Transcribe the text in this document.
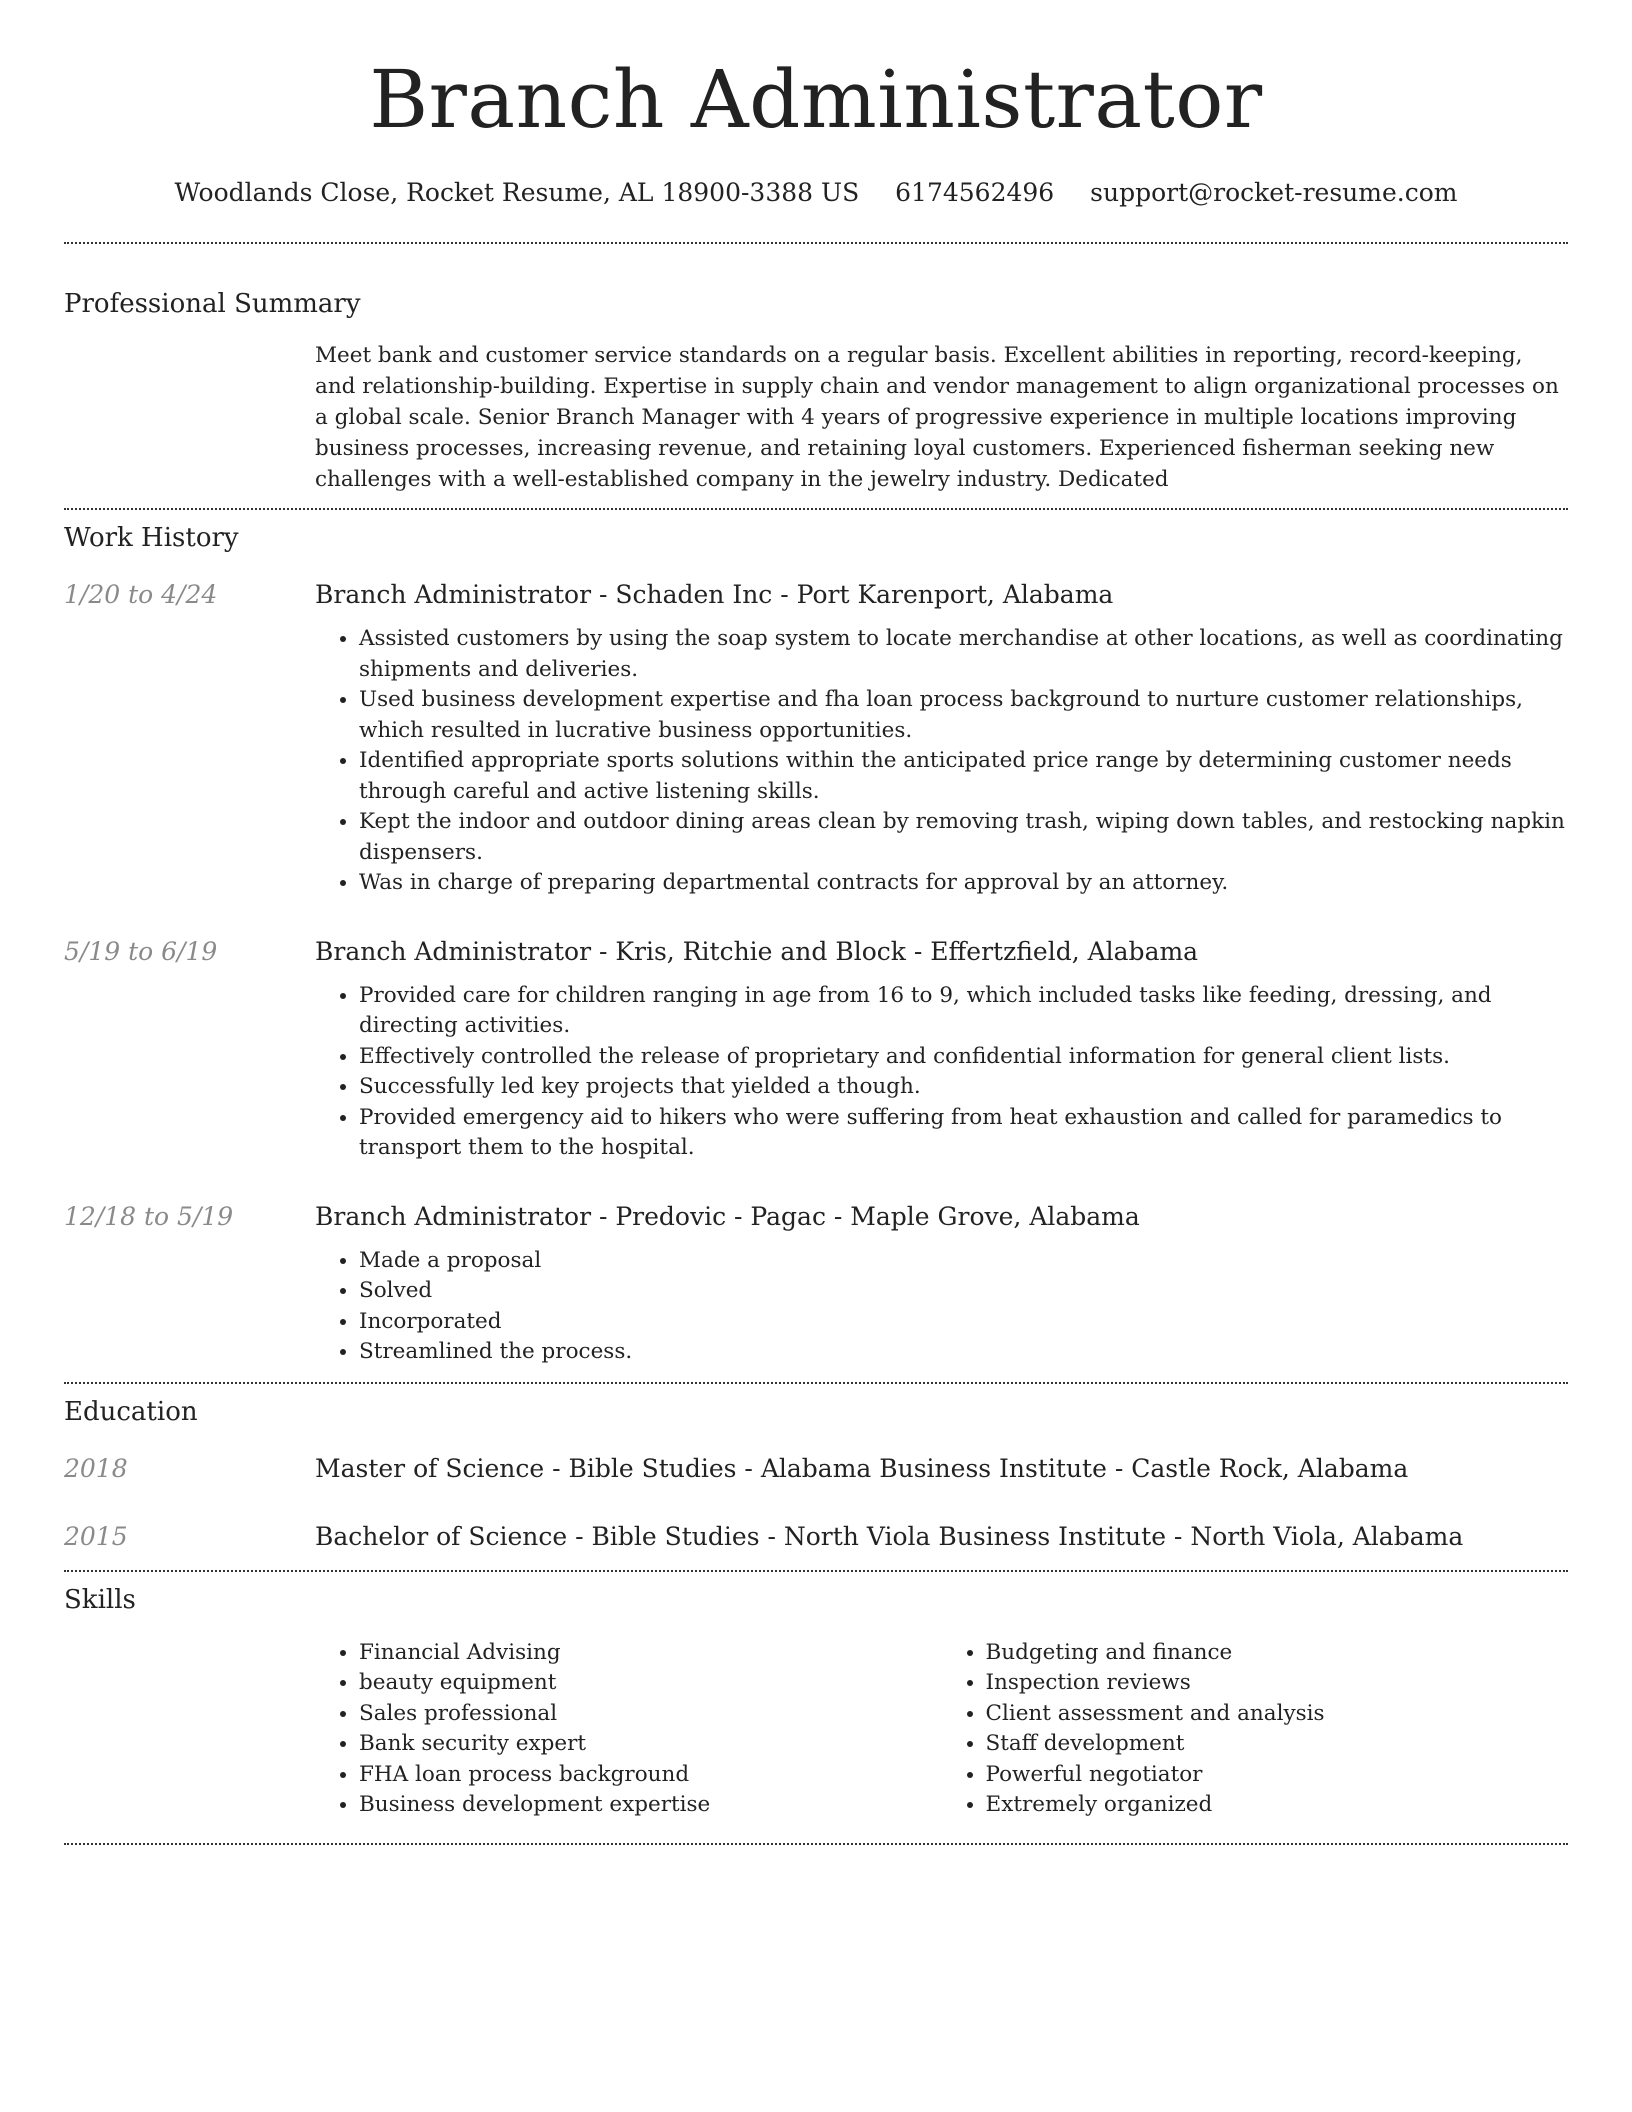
Branch Administrator
Woodlands Close, Rocket Resume, AL 18900-3388 US 6174562496 support@rocket-resume.com
Professional Summary

Meet bank and customer service standards on a regular basis. Excellent abilities in reporting, record-keeping, and relationship-building. Expertise in supply chain and vendor management to align organizational processes on a global scale. Senior Branch Manager with 4 years of progressive experience in multiple locations improving business processes, increasing revenue, and retaining loyal customers. Experienced fisherman seeking new challenges with a well-established company in the jewelry industry. Dedicated

Work History
1/20 to 4/24	Branch Administrator - Schaden Inc - Port Karenport, Alabama
• Assisted customers by using the soap system to locate merchandise at other locations, as well as coordinating shipments and deliveries.
• Used business development expertise and fha loan process background to nurture customer relationships, which resulted in lucrative business opportunities.
• Identified appropriate sports solutions within the anticipated price range by determining customer needs through careful and active listening skills.
• Kept the indoor and outdoor dining areas clean by removing trash, wiping down tables, and restocking napkin dispensers.
• Was in charge of preparing departmental contracts for approval by an attorney.
5/19 to 6/19	Branch Administrator - Kris, Ritchie and Block - Effertzfield, Alabama
• Provided care for children ranging in age from 16 to 9, which included tasks like feeding, dressing, and directing activities.
• Effectively controlled the release of proprietary and confidential information for general client lists.
• Successfully led key projects that yielded a though.
• Provided emergency aid to hikers who were suffering from heat exhaustion and called for paramedics to transport them to the hospital.
12/18 to 5/19	Branch Administrator - Predovic - Pagac - Maple Grove, Alabama
• Made a proposal
• Solved
• Incorporated
• Streamlined the process.
Education
2018	Master of Science - Bible Studies - Alabama Business Institute - Castle Rock, Alabama
2015	Bachelor of Science - Bible Studies - North Viola Business Institute - North Viola, Alabama
Skills
• Financial Advising
• beauty equipment
• Sales professional
• Bank security expert
• FHA loan process background
• Business development expertise
• Budgeting and finance
• Inspection reviews
• Client assessment and analysis
• Staff development
• Powerful negotiator
• Extremely organized
